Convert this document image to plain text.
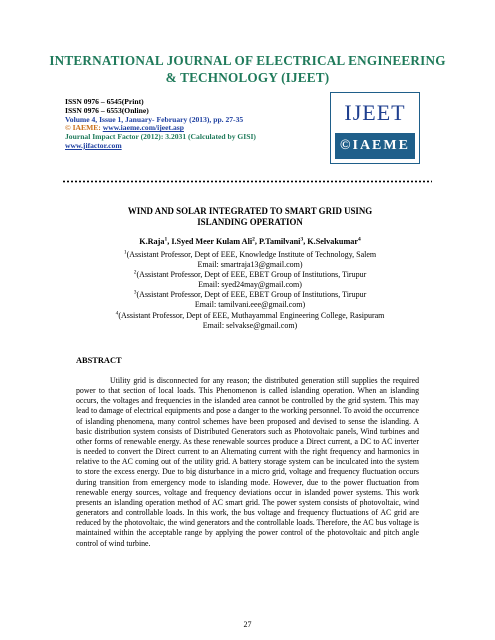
INTERNATIONAL JOURNAL OF ELECTRICAL ENGINEERING
& TECHNOLOGY (IJEET)
ISSN 0976 – 6545(Print)
ISSN 0976 – 6553(Online)
Volume 4, Issue 1, January- February (2013), pp. 27-35
© IAEME: www.iaeme.com/ijeet.asp
Journal Impact Factor (2012): 3.2031 (Calculated by GISI)
www.jifactor.com
IJEET
©IAEME
WIND AND SOLAR INTEGRATED TO SMART GRID USING
ISLANDING OPERATION
K.Raja$^1$, I.Syed Meer Kulam Ali$^2$, P.Tamilvani$^3$, K.Selvakumar$^4$

$^1$(Assistant Professor, Dept of EEE, Knowledge Institute of Technology, Salem

Email: smartraja13@gmail.com)

$^2$(Assistant Professor, Dept of EEE, EBET Group of Institutions, Tirupur

Email: syed24may@gmail.com)

$^3$(Assistant Professor, Dept of EEE, EBET Group of Institutions, Tirupur

Email: tamilvani.eee@gmail.com)

$^4$(Assistant Professor, Dept of EEE, Muthayammal Engineering College, Rasipuram

Email: selvakse@gmail.com)

ABSTRACT
Utility grid is disconnected for any reason; the distributed generation still supplies the required power to that section of local loads. This Phenomenon is called islanding operation. When an islanding occurs, the voltages and frequencies in the islanded area cannot be controlled by the grid system. This may lead to damage of electrical equipments and pose a danger to the working personnel. To avoid the occurrence of islanding phenomena, many control schemes have been proposed and devised to sense the islanding. A basic distribution system consists of Distributed Generators such as Photovoltaic panels, Wind turbines and other forms of renewable energy. As these renewable sources produce a Direct current, a DC to AC inverter is needed to convert the Direct current to an Alternating current with the right frequency and harmonics in relative to the AC coming out of the utility grid. A battery storage system can be inculcated into the system to store the excess energy. Due to big disturbance in a micro grid, voltage and frequency fluctuation occurs during transition from emergency mode to islanding mode. However, due to the power fluctuation from renewable energy sources, voltage and frequency deviations occur in islanded power systems. This work presents an islanding operation method of AC smart grid. The power system consists of photovoltaic, wind generators and controllable loads. In this work, the bus voltage and frequency fluctuations of AC grid are reduced by the photovoltaic, the wind generators and the controllable loads. Therefore, the AC bus voltage is maintained within the acceptable range by applying the power control of the photovoltaic and pitch angle control of wind turbine.
27
